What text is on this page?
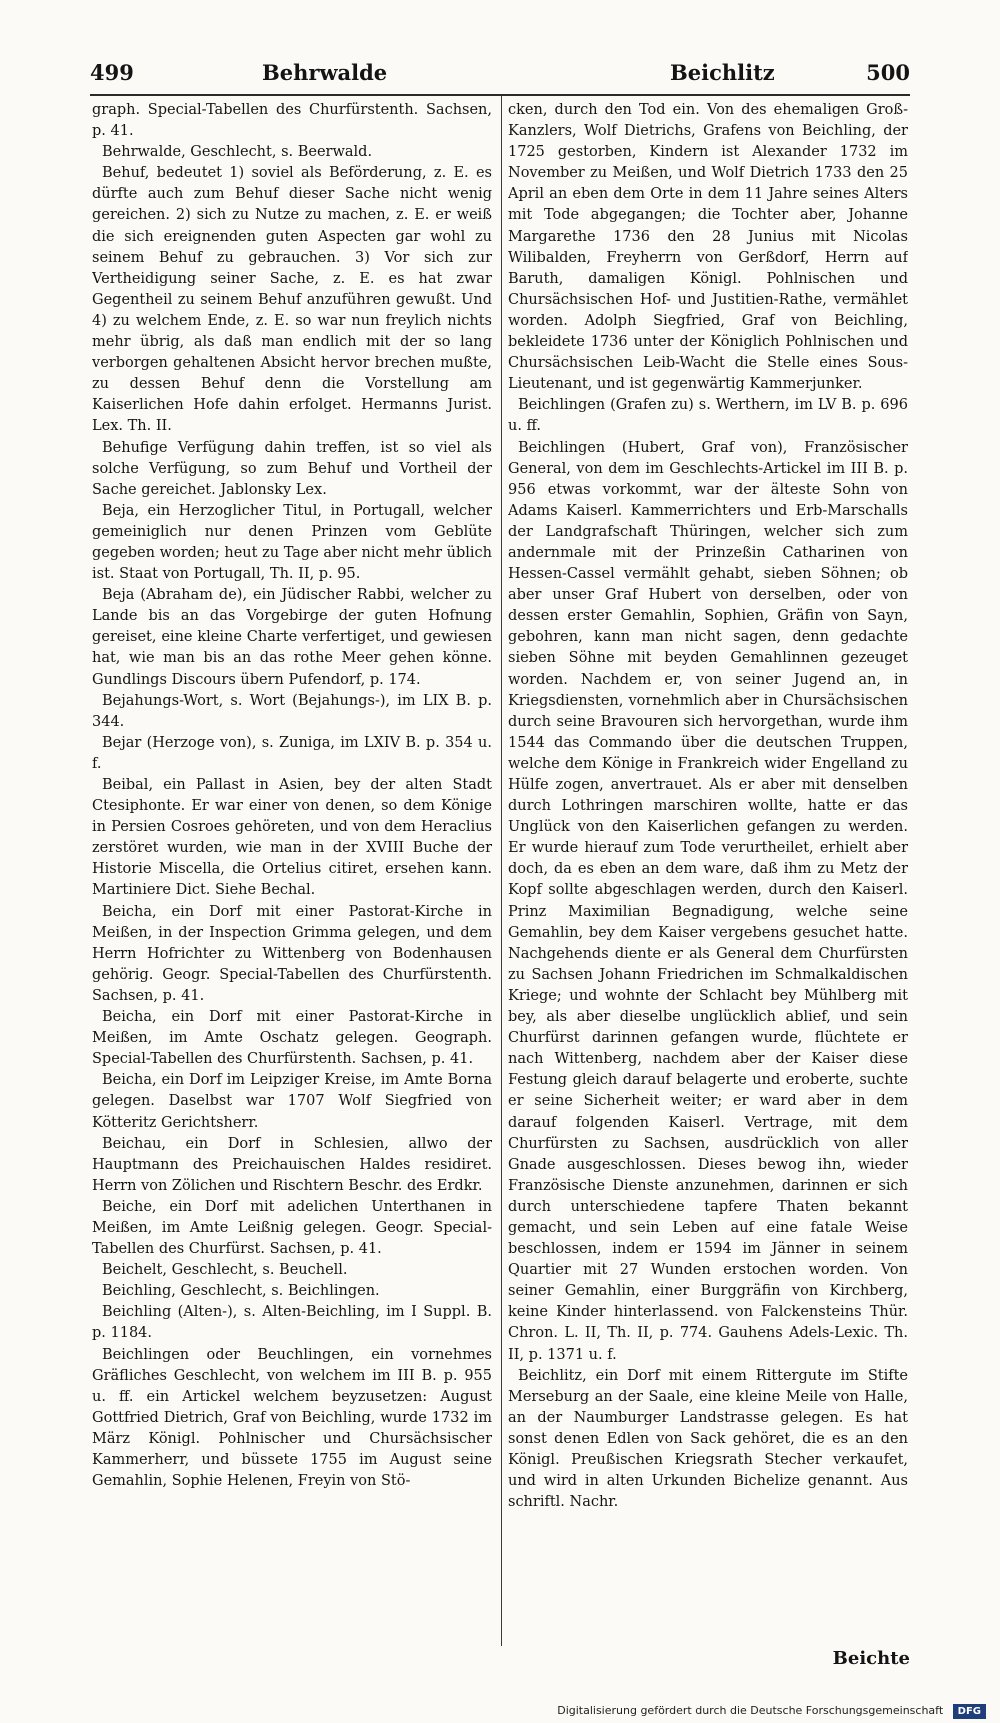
499	Behrwalde	Beichlitz	500

graph. Special-Tabellen des Churfürstenth. Sachsen, p. 41.

Behrwalde, Geschlecht, s. Beerwald.

Behuf, bedeutet 1) soviel als Beförderung, z. E. es dürfte auch zum Behuf dieser Sache nicht wenig gereichen. 2) sich zu Nutze zu machen, z. E. er weiß die sich ereignenden guten Aspecten gar wohl zu seinem Behuf zu gebrauchen. 3) Vor sich zur Vertheidigung seiner Sache, z. E. es hat zwar Gegentheil zu seinem Behuf anzuführen gewußt. Und 4) zu welchem Ende, z. E. so war nun freylich nichts mehr übrig, als daß man endlich mit der so lang verborgen gehaltenen Absicht hervor brechen mußte, zu dessen Behuf denn die Vorstellung am Kaiserlichen Hofe dahin erfolget. Hermanns Jurist. Lex. Th. II.

Behufige Verfügung dahin treffen, ist so viel als solche Verfügung, so zum Behuf und Vortheil der Sache gereichet. Jablonsky Lex.

Beja, ein Herzoglicher Titul, in Portugall, welcher gemeiniglich nur denen Prinzen vom Geblüte gegeben worden; heut zu Tage aber nicht mehr üblich ist. Staat von Portugall, Th. II, p. 95.

Beja (Abraham de), ein Jüdischer Rabbi, welcher zu Lande bis an das Vorgebirge der guten Hofnung gereiset, eine kleine Charte verfertiget, und gewiesen hat, wie man bis an das rothe Meer gehen könne. Gundlings Discours übern Pufendorf, p. 174.

Bejahungs-Wort, s. Wort (Bejahungs-), im LIX B. p. 344.

Bejar (Herzoge von), s. Zuniga, im LXIV B. p. 354 u. f.

Beibal, ein Pallast in Asien, bey der alten Stadt Ctesiphonte. Er war einer von denen, so dem Könige in Persien Cosroes gehöreten, und von dem Heraclius zerstöret wurden, wie man in der XVIII Buche der Historie Miscella, die Ortelius citiret, ersehen kann. Martiniere Dict. Siehe Bechal.

Beicha, ein Dorf mit einer Pastorat-Kirche in Meißen, in der Inspection Grimma gelegen, und dem Herrn Hofrichter zu Wittenberg von Bodenhausen gehörig. Geogr. Special-Tabellen des Churfürstenth. Sachsen, p. 41.

Beicha, ein Dorf mit einer Pastorat-Kirche in Meißen, im Amte Oschatz gelegen. Geograph. Special-Tabellen des Churfürstenth. Sachsen, p. 41.

Beicha, ein Dorf im Leipziger Kreise, im Amte Borna gelegen. Daselbst war 1707 Wolf Siegfried von Kötteritz Gerichtsherr.

Beichau, ein Dorf in Schlesien, allwo der Hauptmann des Preichauischen Haldes residiret. Herrn von Zölichen und Rischtern Beschr. des Erdkr.

Beiche, ein Dorf mit adelichen Unterthanen in Meißen, im Amte Leißnig gelegen. Geogr. Special-Tabellen des Churfürst. Sachsen, p. 41.

Beichelt, Geschlecht, s. Beuchell.

Beichling, Geschlecht, s. Beichlingen.

Beichling (Alten-), s. Alten-Beichling, im I Suppl. B. p. 1184.

Beichlingen oder Beuchlingen, ein vornehmes Gräfliches Geschlecht, von welchem im III B. p. 955 u. ff. ein Artickel welchem beyzusetzen: August Gottfried Dietrich, Graf von Beichling, wurde 1732 im März Königl. Pohlnischer und Chursächsischer Kammerherr, und büssete 1755 im August seine Gemahlin, Sophie Helenen, Freyin von Stö-

cken, durch den Tod ein. Von des ehemaligen Groß-Kanzlers, Wolf Dietrichs, Grafens von Beichling, der 1725 gestorben, Kindern ist Alexander 1732 im November zu Meißen, und Wolf Dietrich 1733 den 25 April an eben dem Orte in dem 11 Jahre seines Alters mit Tode abgegangen; die Tochter aber, Johanne Margarethe 1736 den 28 Junius mit Nicolas Wilibalden, Freyherrn von Gerßdorf, Herrn auf Baruth, damaligen Königl. Pohlnischen und Chursächsischen Hof- und Justitien-Rathe, vermählet worden. Adolph Siegfried, Graf von Beichling, bekleidete 1736 unter der Königlich Pohlnischen und Chursächsischen Leib-Wacht die Stelle eines Sous-Lieutenant, und ist gegenwärtig Kammerjunker.

Beichlingen (Grafen zu) s. Werthern, im LV B. p. 696 u. ff.

Beichlingen (Hubert, Graf von), Französischer General, von dem im Geschlechts-Artickel im III B. p. 956 etwas vorkommt, war der älteste Sohn von Adams Kaiserl. Kammerrichters und Erb-Marschalls der Landgrafschaft Thüringen, welcher sich zum andernmale mit der Prinzeßin Catharinen von Hessen-Cassel vermählt gehabt, sieben Söhnen; ob aber unser Graf Hubert von derselben, oder von dessen erster Gemahlin, Sophien, Gräfin von Sayn, gebohren, kann man nicht sagen, denn gedachte sieben Söhne mit beyden Gemahlinnen gezeuget worden. Nachdem er, von seiner Jugend an, in Kriegsdiensten, vornehmlich aber in Chursächsischen durch seine Bravouren sich hervorgethan, wurde ihm 1544 das Commando über die deutschen Truppen, welche dem Könige in Frankreich wider Engelland zu Hülfe zogen, anvertrauet. Als er aber mit denselben durch Lothringen marschiren wollte, hatte er das Unglück von den Kaiserlichen gefangen zu werden. Er wurde hierauf zum Tode verurtheilet, erhielt aber doch, da es eben an dem ware, daß ihm zu Metz der Kopf sollte abgeschlagen werden, durch den Kaiserl. Prinz Maximilian Begnadigung, welche seine Gemahlin, bey dem Kaiser vergebens gesuchet hatte. Nachgehends diente er als General dem Churfürsten zu Sachsen Johann Friedrichen im Schmalkaldischen Kriege; und wohnte der Schlacht bey Mühlberg mit bey, als aber dieselbe unglücklich ablief, und sein Churfürst darinnen gefangen wurde, flüchtete er nach Wittenberg, nachdem aber der Kaiser diese Festung gleich darauf belagerte und eroberte, suchte er seine Sicherheit weiter; er ward aber in dem darauf folgenden Kaiserl. Vertrage, mit dem Churfürsten zu Sachsen, ausdrücklich von aller Gnade ausgeschlossen. Dieses bewog ihn, wieder Französische Dienste anzunehmen, darinnen er sich durch unterschiedene tapfere Thaten bekannt gemacht, und sein Leben auf eine fatale Weise beschlossen, indem er 1594 im Jänner in seinem Quartier mit 27 Wunden erstochen worden. Von seiner Gemahlin, einer Burggräfin von Kirchberg, keine Kinder hinterlassend. von Falckensteins Thür. Chron. L. II, Th. II, p. 774. Gauhens Adels-Lexic. Th. II, p. 1371 u. f.

Beichlitz, ein Dorf mit einem Rittergute im Stifte Merseburg an der Saale, eine kleine Meile von Halle, an der Naumburger Landstrasse gelegen. Es hat sonst denen Edlen von Sack gehöret, die es an den Königl. Preußischen Kriegsrath Stecher verkaufet, und wird in alten Urkunden Bichelize genannt. Aus schriftl. Nachr.

Beichte
Digitalisierung gefördert durch die Deutsche Forschungsgemeinschaft DFG
